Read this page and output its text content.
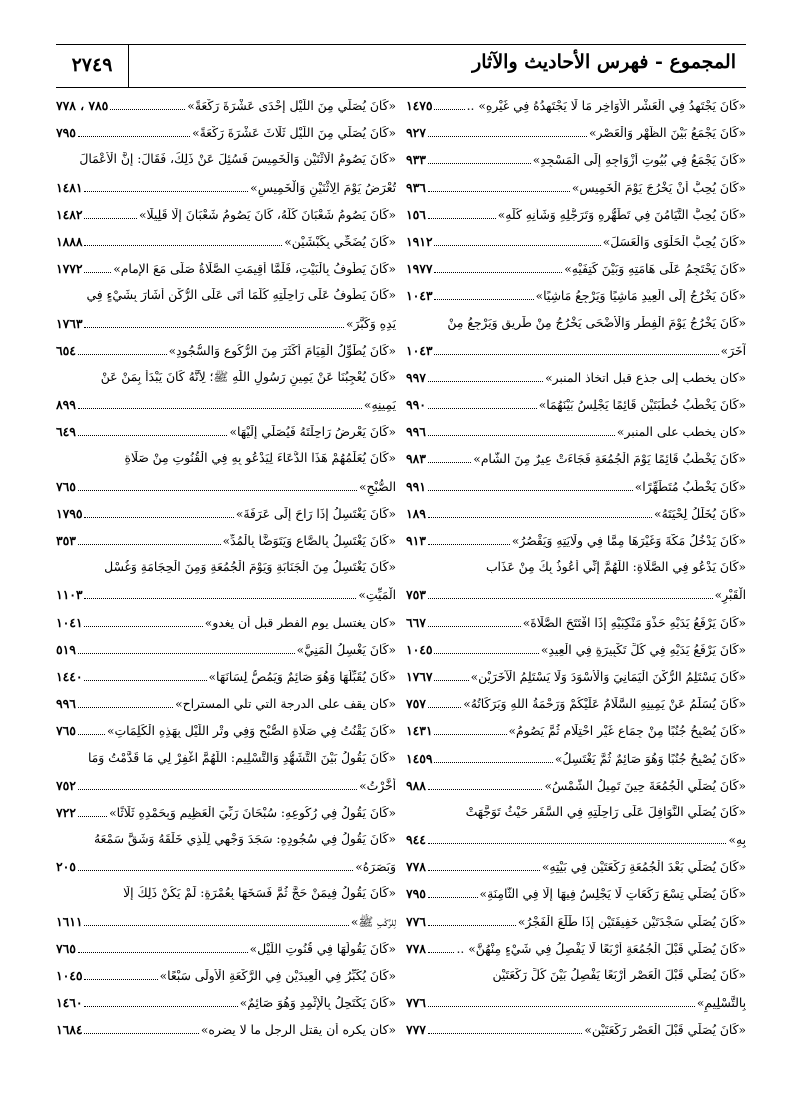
المجموع - فهرس الأحاديث والآثار
٢٧٤٩
«كَانَ يَجْتَهِدُ فِي الْعَشْرِ الْأَوَاخِرِ مَا لَا يَجْتَهِدُهُ فِي غَيْرِهِ» ..
١٤٧٥
«كَانَ يَجْمَعُ بَيْنَ الظُّهْرِ وَالْعَصْرِ»
٩٢٧
«كَانَ يَجْمَعُ فِي بُيُوتِ أَزْوَاجِهِ إِلَى الْمَسْجِدِ»
٩٣٣
«كَانَ يُحِبُّ أَنْ يَخْرُجَ يَوْمَ الْخَمِيسِ»
٩٣٦
«كَانَ يُحِبُّ التَّيَامُنَ فِي تَطَهُّرِهِ وَتَرَجُّلِهِ وَشَأْنِهِ كُلِّهِ»
١٥٦
«كَانَ يُحِبُّ الْحَلْوَى وَالْعَسَلَ»
١٩١٢
«كَانَ يَحْتَجِمُ عَلَى هَامَتِهِ وَبَيْنَ كَتِفَيْهِ»
١٩٧٧
«كَانَ يَخْرُجُ إِلَى الْعِيدِ مَاشِيًا وَيَرْجِعُ مَاشِيًا»
١٠٤٣
«كَانَ يَخْرُجُ يَوْمَ الْفِطْرِ وَالْأَضْحَى يَخْرُجُ مِنْ طَرِيقٍ وَيَرْجِعُ مِنْ
آخَرَ»
١٠٤٣
«كان يخطب إلى جذع قبل اتخاذ المنبر»
٩٩٧
«كَانَ يَخْطُبُ خُطْبَتَيْنِ قَائِمًا يَجْلِسُ بَيْنَهُمَا»
٩٩٠
«كان يخطب على المنبر»
٩٩٦
«كَانَ يَخْطُبُ قَائِمًا يَوْمَ الْجُمُعَةِ فَجَاءَتْ عِيرٌ مِنَ الشَّامِ»
٩٨٣
«كَانَ يَخْطُبُ مُتَطَهِّرًا»
٩٩١
«كَانَ يُخَلِّلُ لِحْيَتَهُ»
١٨٩
«كَانَ يَدْخُلُ مَكَّةَ وَغَيْرَهَا مِمَّا فِي وِلَايَتِهِ وَيَقْصُرُ»
٩١٣
«كَانَ يَدْعُو فِي الصَّلَاةِ: اللَّهُمَّ إِنِّي أَعُوذُ بِكَ مِنْ عَذَابِ
الْقَبْرِ»
٧٥٣
«كَانَ يَرْفَعُ يَدَيْهِ حَذْوَ مَنْكِبَيْهِ إِذَا افْتَتَحَ الصَّلَاةَ»
٦٦٧
«كَانَ يَرْفَعُ يَدَيْهِ فِي كُلِّ تَكْبِيرَةٍ فِي الْعِيدِ»
١٠٤٥
«كَانَ يَسْتَلِمُ الرُّكْنَ الْيَمَانِيَ وَالْأَسْوَدَ وَلَا يَسْتَلِمُ الْآخَرَيْنِ»
١٧٦٧
«كَانَ يُسَلِّمُ عَنْ يَمِينِهِ السَّلَامُ عَلَيْكُمْ وَرَحْمَةُ اللهِ وَبَرَكَاتُهُ»
٧٥٧
«كَانَ يُصْبِحُ جُنُبًا مِنْ جِمَاعٍ غَيْرِ احْتِلَامٍ ثُمَّ يَصُومُ»
١٤٣١
«كَانَ يُصْبِحُ جُنُبًا وَهُوَ صَائِمٌ ثُمَّ يَغْتَسِلُ»
١٤٥٩
«كَانَ يُصَلِّي الْجُمُعَةَ حِينَ تَمِيلُ الشَّمْسُ»
٩٨٨
«كَانَ يُصَلِّي النَّوَافِلَ عَلَى رَاحِلَتِهِ فِي السَّفَرِ حَيْثُ تَوَجَّهَتْ
بِهِ»
٩٤٤
«كَانَ يُصَلِّي بَعْدَ الْجُمُعَةِ رَكْعَتَيْنِ فِي بَيْتِهِ»
٧٧٨
«كَانَ يُصَلِّي تِسْعَ رَكَعَاتٍ لَا يَجْلِسُ فِيهَا إِلَّا فِي الثَّامِنَةِ»
٧٩٥
«كَانَ يُصَلِّي سَجْدَتَيْنِ خَفِيفَتَيْنِ إِذَا طَلَعَ الْفَجْرُ»
٧٧٦
«كَانَ يُصَلِّي قَبْلَ الْجُمُعَةِ أَرْبَعًا لَا يَفْصِلُ فِي شَيْءٍ مِنْهُنَّ» ..
٧٧٨
«كَانَ يُصَلِّي قَبْلَ الْعَصْرِ أَرْبَعًا يَفْصِلُ بَيْنَ كُلِّ رَكْعَتَيْنِ
بِالتَّسْلِيمِ»
٧٧٦
«كَانَ يُصَلِّي قَبْلَ الْعَصْرِ رَكْعَتَيْنِ»
٧٧٧
«كَانَ يُصَلِّي مِنَ اللَّيْلِ إِحْدَى عَشْرَةَ رَكْعَةً»
٧٨٥ ، ٧٧٨
«كَانَ يُصَلِّي مِنَ اللَّيْلِ ثَلَاثَ عَشْرَةَ رَكْعَةً»
٧٩٥
«كَانَ يَصُومُ الْاثْنَيْنِ وَالْخَمِيسَ فَسُئِلَ عَنْ ذَلِكَ، فَقَالَ: إِنَّ الْأَعْمَالَ
تُعْرَضُ يَوْمَ الِاثْنَيْنِ وَالْخَمِيسِ»
١٤٨١
«كَانَ يَصُومُ شَعْبَانَ كُلَّهُ، كَانَ يَصُومُ شَعْبَانَ إِلَّا قَلِيلًا»
١٤٨٢
«كَانَ يُضَحِّي بِكَبْشَيْنِ»
١٨٨٨
«كَانَ يَطُوفُ بِالْبَيْتِ، فَلَمَّا أُقِيمَتِ الصَّلَاةُ صَلَّى مَعَ الإمام»
١٧٧٢
«كَانَ يَطُوفُ عَلَى رَاحِلَتِهِ كُلَّمَا أَتَى عَلَى الرُّكْنِ أَشَارَ بِشَيْءٍ فِي
يَدِهِ وَكَبَّرَ»
١٧٦٣
«كَانَ يُطَوِّلُ الْقِيَامَ أَكْثَرَ مِنَ الرُّكُوعِ وَالسُّجُودِ»
٦٥٤
«كَانَ يُعْجِبُنَا عَنْ يَمِينِ رَسُولِ اللَّهِ ﷺ؛ لِأَنَّهُ كَانَ يَبْدَأُ بِمَنْ عَنْ
يَمِينِهِ»
٨٩٩
«كَانَ يَعْرِضُ رَاحِلَتَهُ فَيُصَلِّي إِلَيْهَا»
٦٤٩
«كَانَ يُعَلِّمُهُمْ هَذَا الدُّعَاءَ لِيَدْعُو بِهِ فِي الْقُنُوتِ مِنْ صَلَاةِ
الصُّبْحِ»
٧٦٥
«كَانَ يَغْتَسِلُ إِذَا رَاحَ إِلَى عَرَفَةَ»
١٧٩٥
«كَانَ يَغْتَسِلُ بِالصَّاعِ وَيَتَوَضَّأُ بِالْمُدِّ»
٣٥٣
«كَانَ يَغْتَسِلُ مِنَ الْجَنَابَةِ وَيَوْمَ الْجُمُعَةِ وَمِنَ الْحِجَامَةِ وَغُسْلِ
الْمَيِّتِ»
١١٠٣
«كان يغتسل يوم الفطر قبل أن يغدو»
١٠٤١
«كَانَ يَغْسِلُ الْمَنِيَّ»
٥١٩
«كَانَ يُقَبِّلُهَا وَهُوَ صَائِمٌ وَيَمُصُّ لِسَانَهَا»
١٤٤٠
«كان يقف على الدرجة التي تلي المستراح»
٩٩٦
«كَانَ يَقْنُتُ فِي صَلَاةِ الصُّبْحِ وَفِي وِتْرِ اللَّيْلِ بِهَذِهِ الْكَلِمَاتِ»
٧٦٥
«كَانَ يَقُولُ بَيْنَ التَّشَهُّدِ وَالتَّسْلِيمِ: اللَّهُمَّ اغْفِرْ لِي مَا قَدَّمْتُ وَمَا
أَخَّرْتُ»
٧٥٢
«كَانَ يَقُولُ فِي رُكُوعِهِ: سُبْحَانَ رَبِّيَ الْعَظِيمِ وَبِحَمْدِهِ ثَلَاثًا»
٧٢٢
«كَانَ يَقُولُ فِي سُجُودِهِ: سَجَدَ وَجْهِي لِلَّذِي خَلَقَهُ وَشَقَّ سَمْعَهُ
وَبَصَرَهُ»
٢٠٥
«كَانَ يَقُولُ فِيمَنْ حَجَّ ثُمَّ فَسَخَهَا بِعُمْرَةٍ: لَمْ يَكُنْ ذَلِكَ إِلَّا
لِلرَّكْبِ ﷺ»
١٦١١
«كَانَ يَقُولُهَا فِي قُنُوتِ اللَّيْلِ»
٧٦٥
«كَانَ يُكَبِّرُ فِي الْعِيدَيْنِ فِي الرَّكْعَةِ الْأُولَى سَبْعًا»
١٠٤٥
«كَانَ يَكْتَحِلُ بِالْإِثْمِدِ وَهُوَ صَائِمٌ»
١٤٦٠
«كان يكره أن يقتل الرجل ما لا يضره»
١٦٨٤
